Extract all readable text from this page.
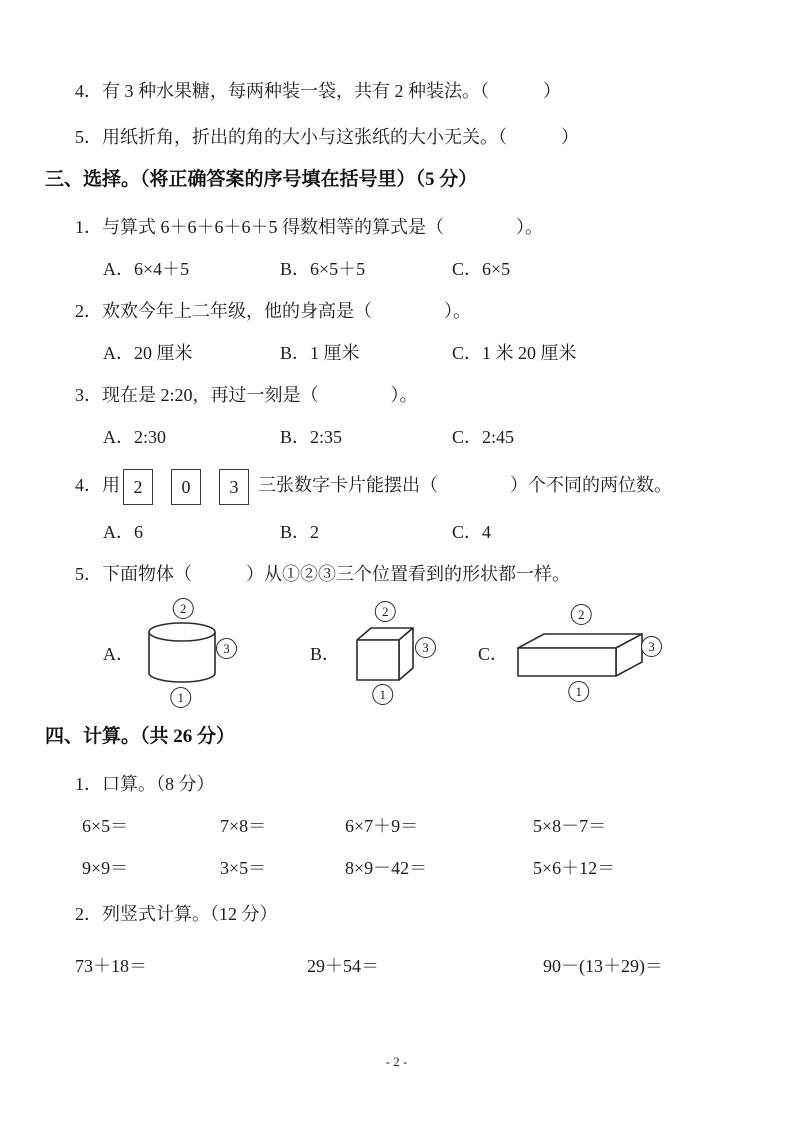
4．有 3 种水果糖，每两种装一袋，共有 2 种装法。（　　　）
5．用纸折角，折出的角的大小与这张纸的大小无关。（　　　）
三、选择。（将正确答案的序号填在括号里）（5 分）
1．与算式 6＋6＋6＋6＋5 得数相等的算式是（　　　　）。
A．6×4＋5	B．6×5＋5	C．6×5
2．欢欢今年上二年级，他的身高是（　　　　）。
A．20 厘米	B．1 厘米	C．1 米 20 厘米
3．现在是 2:20，再过一刻是（　　　　）。
A．2:30	B．2:35	C．2:45
4．用 2 0 3 三张数字卡片能摆出（　　　　）个不同的两位数。
A．6	B．2	C．4
5．下面物体（　　　）从①②③三个位置看到的形状都一样。
A．
2
3
1
B．
2
3
1
C．
2
3
1
四、计算。（共 26 分）
1．口算。（8 分）
6×5＝	7×8＝	6×7＋9＝	5×8－7＝
9×9＝	3×5＝	8×9－42＝	5×6＋12＝
2．列竖式计算。（12 分）
73＋18＝	29＋54＝	90－(13＋29)＝
- 2 -
